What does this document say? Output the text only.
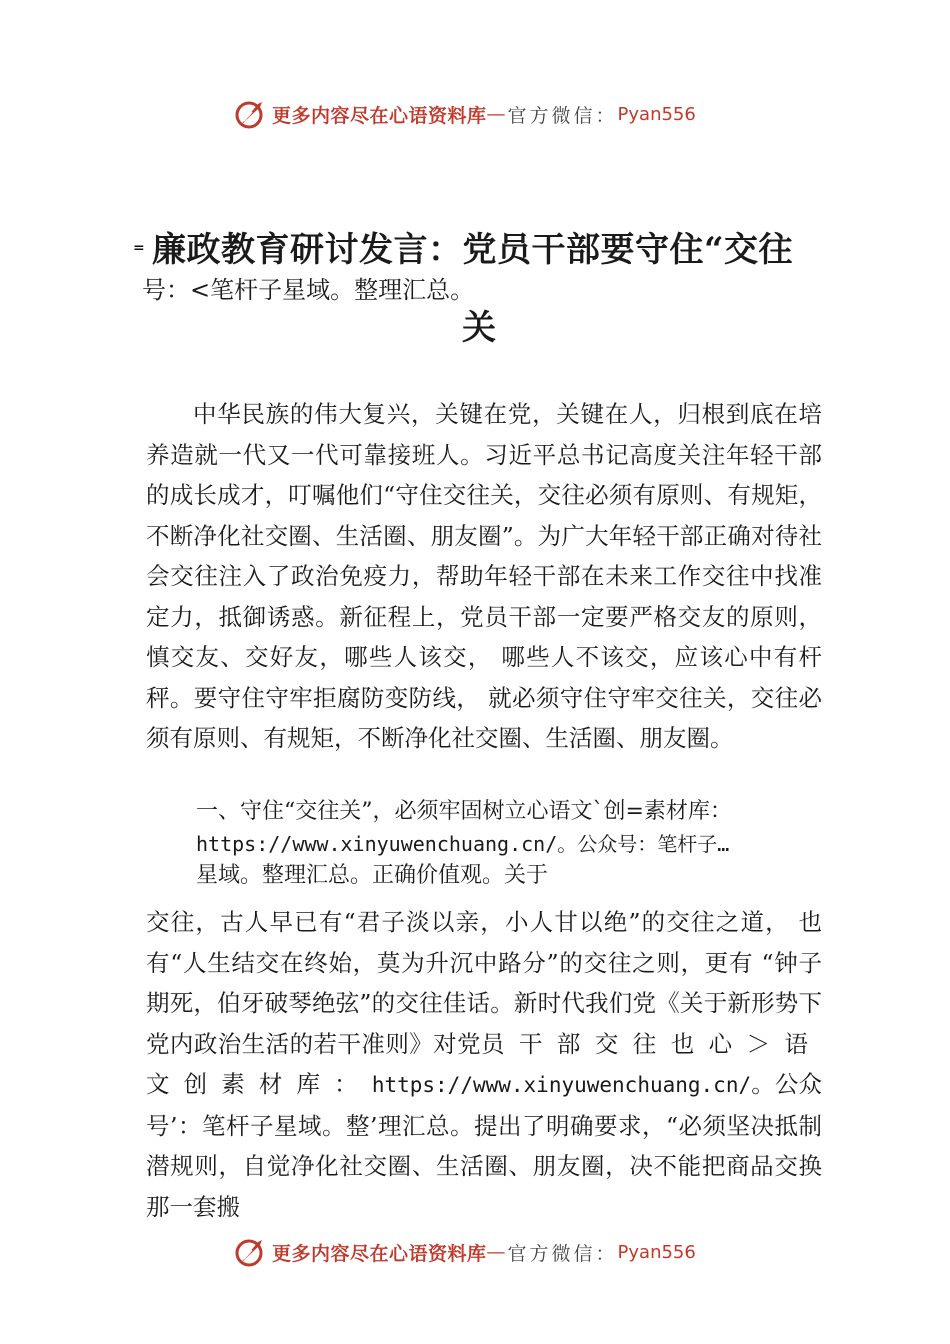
更多内容尽在心语资料库 — 官方微信： Pyan556
= 廉政教育研讨发言：党员干部要守住“交往
号：<笔杆子星域。整理汇总。
关

中华民族的伟大复兴，关键在党，关键在人，归根到底在培养造就一代又一代可靠接班人。习近平总书记高度关注年轻干部的成长成才，叮嘱他们“守住交往关，交往必须有原则、有规矩，不断净化社交圈、生活圈、朋友圈”。为广大年轻干部正确对待社会交往注入了政治免疫力，帮助年轻干部在未来工作交往中找准定力，抵御诱惑。新征程上，党员干部一定要严格交友的原则，慎交友、交好友，哪些人该交， 哪些人不该交，应该心中有杆秤。要守住守牢拒腐防变防线， 就必须守住守牢交往关，交往必须有原则、有规矩，不断净化社交圈、生活圈、朋友圈。

一、守住“交往关”，必须牢固树立心语文`创=素材库：
https://www.xinyuwenchuang.cn/。公众号：笔杆子…
星域。整理汇总。正确价值观。关于

交往，古人早已有“君子淡以亲，小人甘以绝”的交往之道， 也有“人生结交在终始，莫为升沉中路分”的交往之则，更有 “钟子期死，伯牙破琴绝弦”的交往佳话。新时代我们党《关于新形势下党内政治生活的若干准则》对党员干部交往也心＞语文创素材库：https://www.xinyuwenchuang.cn/。公众号’：笔杆子星域。整’理汇总。提出了明确要求，“必须坚决抵制潜规则，自觉净化社交圈、生活圈、朋友圈，决不能把商品交换那一套搬

更多内容尽在心语资料库 — 官方微信： Pyan556
